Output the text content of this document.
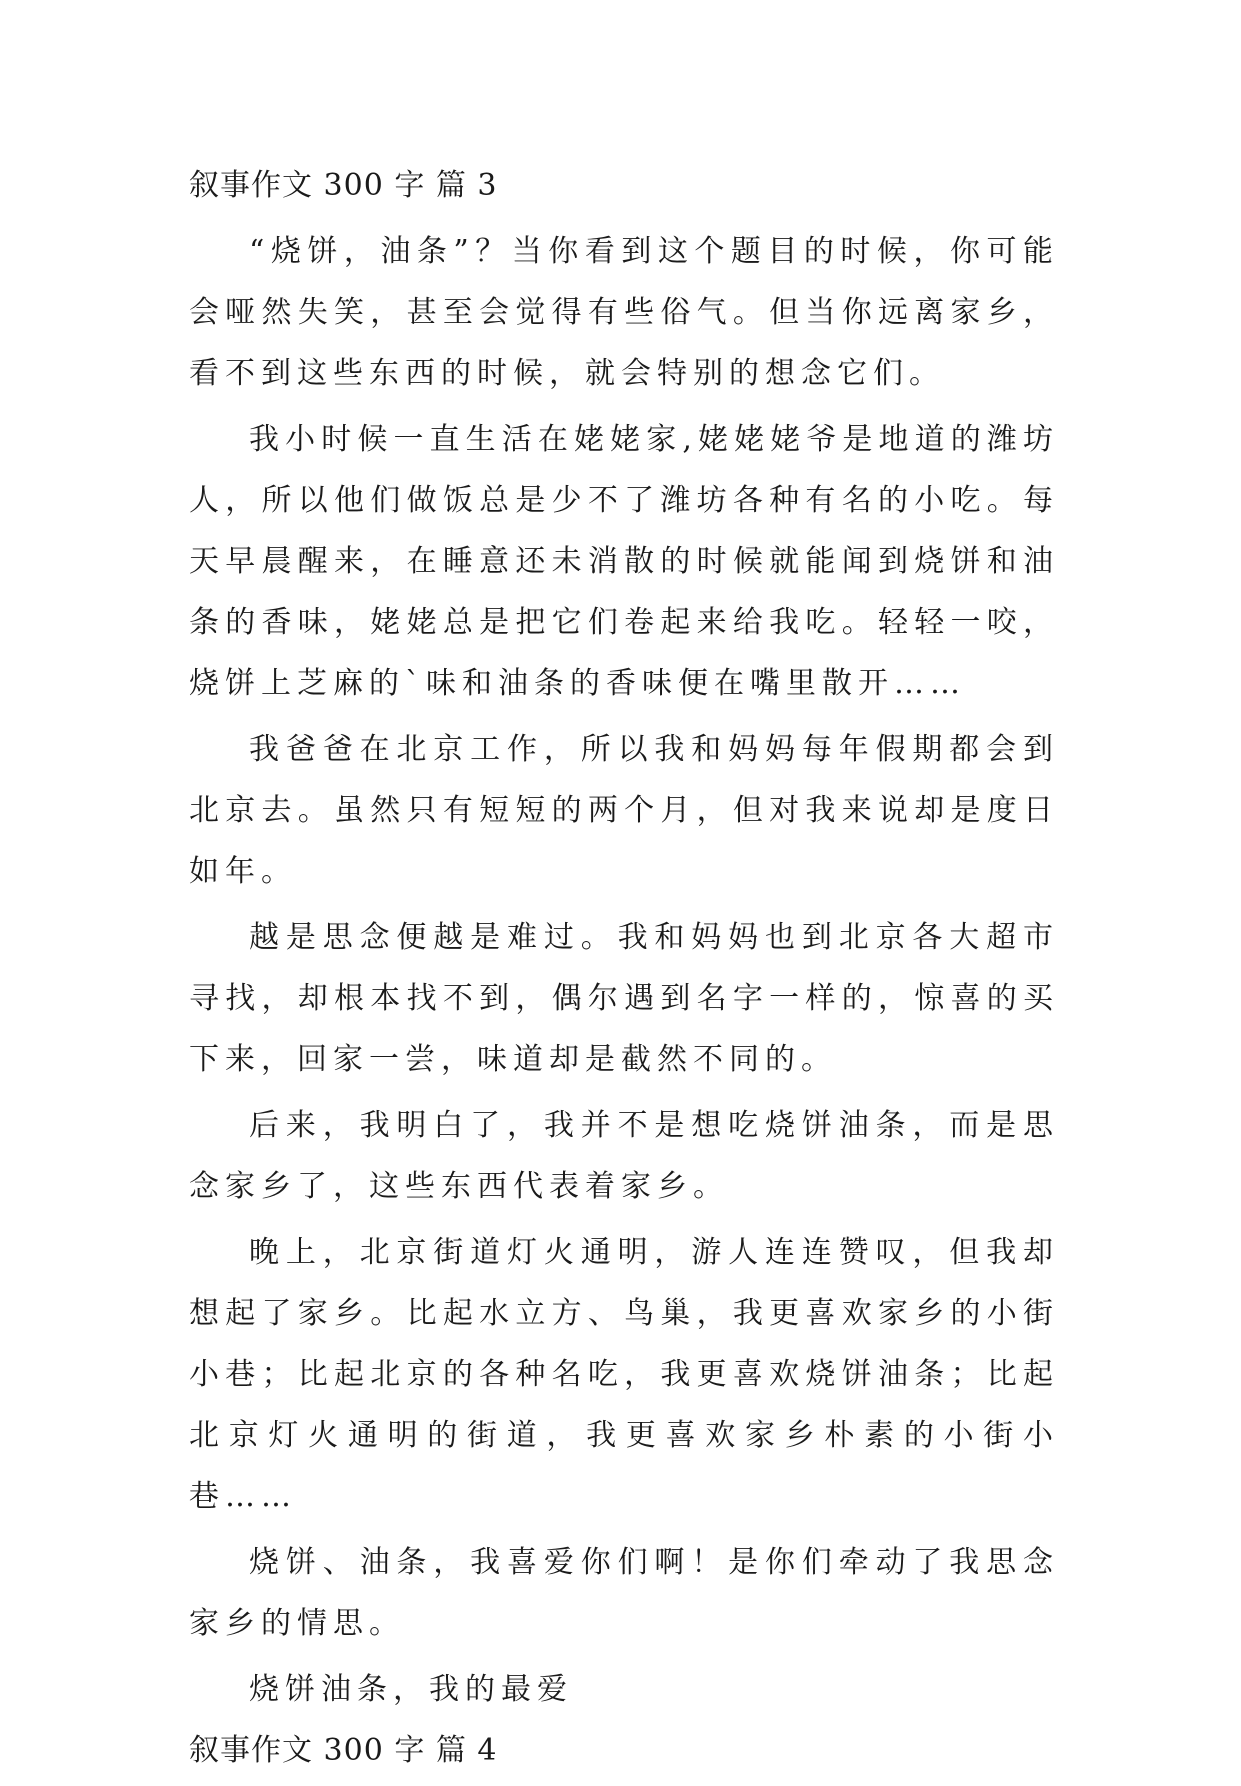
叙事作文 300 字 篇 3

“烧饼，油条”？当你看到这个题目的时候，你可能会哑然失笑，甚至会觉得有些俗气。但当你远离家乡，看不到这些东西的时候，就会特别的想念它们。

我小时候一直生活在姥姥家,姥姥姥爷是地道的潍坊人，所以他们做饭总是少不了潍坊各种有名的小吃。每天早晨醒来，在睡意还未消散的时候就能闻到烧饼和油条的香味，姥姥总是把它们卷起来给我吃。轻轻一咬，烧饼上芝麻的`味和油条的香味便在嘴里散开……

我爸爸在北京工作，所以我和妈妈每年假期都会到北京去。虽然只有短短的两个月，但对我来说却是度日如年。

越是思念便越是难过。我和妈妈也到北京各大超市寻找，却根本找不到，偶尔遇到名字一样的，惊喜的买下来，回家一尝，味道却是截然不同的。

后来，我明白了，我并不是想吃烧饼油条，而是思念家乡了，这些东西代表着家乡。

晚上，北京街道灯火通明，游人连连赞叹，但我却想起了家乡。比起水立方、鸟巢，我更喜欢家乡的小街小巷；比起北京的各种名吃，我更喜欢烧饼油条；比起北京灯火通明的街道，我更喜欢家乡朴素的小街小巷……

烧饼、油条，我喜爱你们啊！是你们牵动了我思念家乡的情思。

烧饼油条，我的最爱

叙事作文 300 字 篇 4
